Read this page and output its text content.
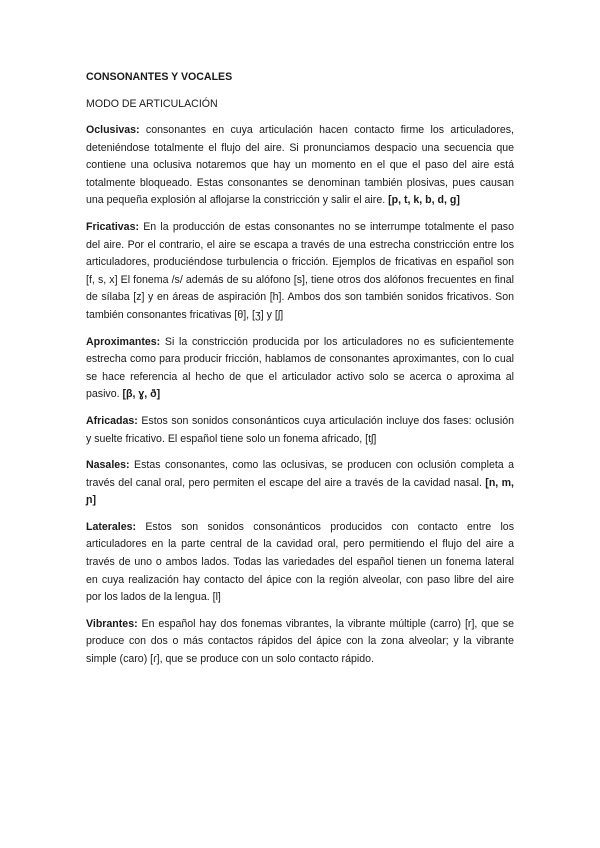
CONSONANTES Y VOCALES
MODO DE ARTICULACIÓN

Oclusivas: consonantes en cuya articulación hacen contacto firme los articuladores, deteniéndose totalmente el flujo del aire. Si pronunciamos despacio una secuencia que contiene una oclusiva notaremos que hay un momento en el que el paso del aire está totalmente bloqueado. Estas consonantes se denominan también plosivas, pues causan una pequeña explosión al aflojarse la constricción y salir el aire. [p, t, k, b, d, g]

Fricativas: En la producción de estas consonantes no se interrumpe totalmente el paso del aire. Por el contrario, el aire se escapa a través de una estrecha constricción entre los articuladores, produciéndose turbulencia o fricción. Ejemplos de fricativas en español son [f, s, x] El fonema /s/ además de su alófono [s], tiene otros dos alófonos frecuentes en final de sílaba [z] y en áreas de aspiración [h]. Ambos dos son también sonidos fricativos. Son también consonantes fricativas [θ], [ʒ] y [ʃ]

Aproximantes: Si la constricción producida por los articuladores no es suficientemente estrecha como para producir fricción, hablamos de consonantes aproximantes, con lo cual se hace referencia al hecho de que el articulador activo solo se acerca o aproxima al pasivo. [β, ɣ, ð]

Africadas: Estos son sonidos consonánticos cuya articulación incluye dos fases: oclusión y suelte fricativo. El español tiene solo un fonema africado, [tʃ]

Nasales: Estas consonantes, como las oclusivas, se producen con oclusión completa a través del canal oral, pero permiten el escape del aire a través de la cavidad nasal. [n, m, ɲ]

Laterales: Estos son sonidos consonánticos producidos con contacto entre los articuladores en la parte central de la cavidad oral, pero permitiendo el flujo del aire a través de uno o ambos lados. Todas las variedades del español tienen un fonema lateral en cuya realización hay contacto del ápice con la región alveolar, con paso libre del aire por los lados de la lengua. [l]

Vibrantes: En español hay dos fonemas vibrantes, la vibrante múltiple (carro) [r], que se produce con dos o más contactos rápidos del ápice con la zona alveolar; y la vibrante simple (caro) [ɾ], que se produce con un solo contacto rápido.
